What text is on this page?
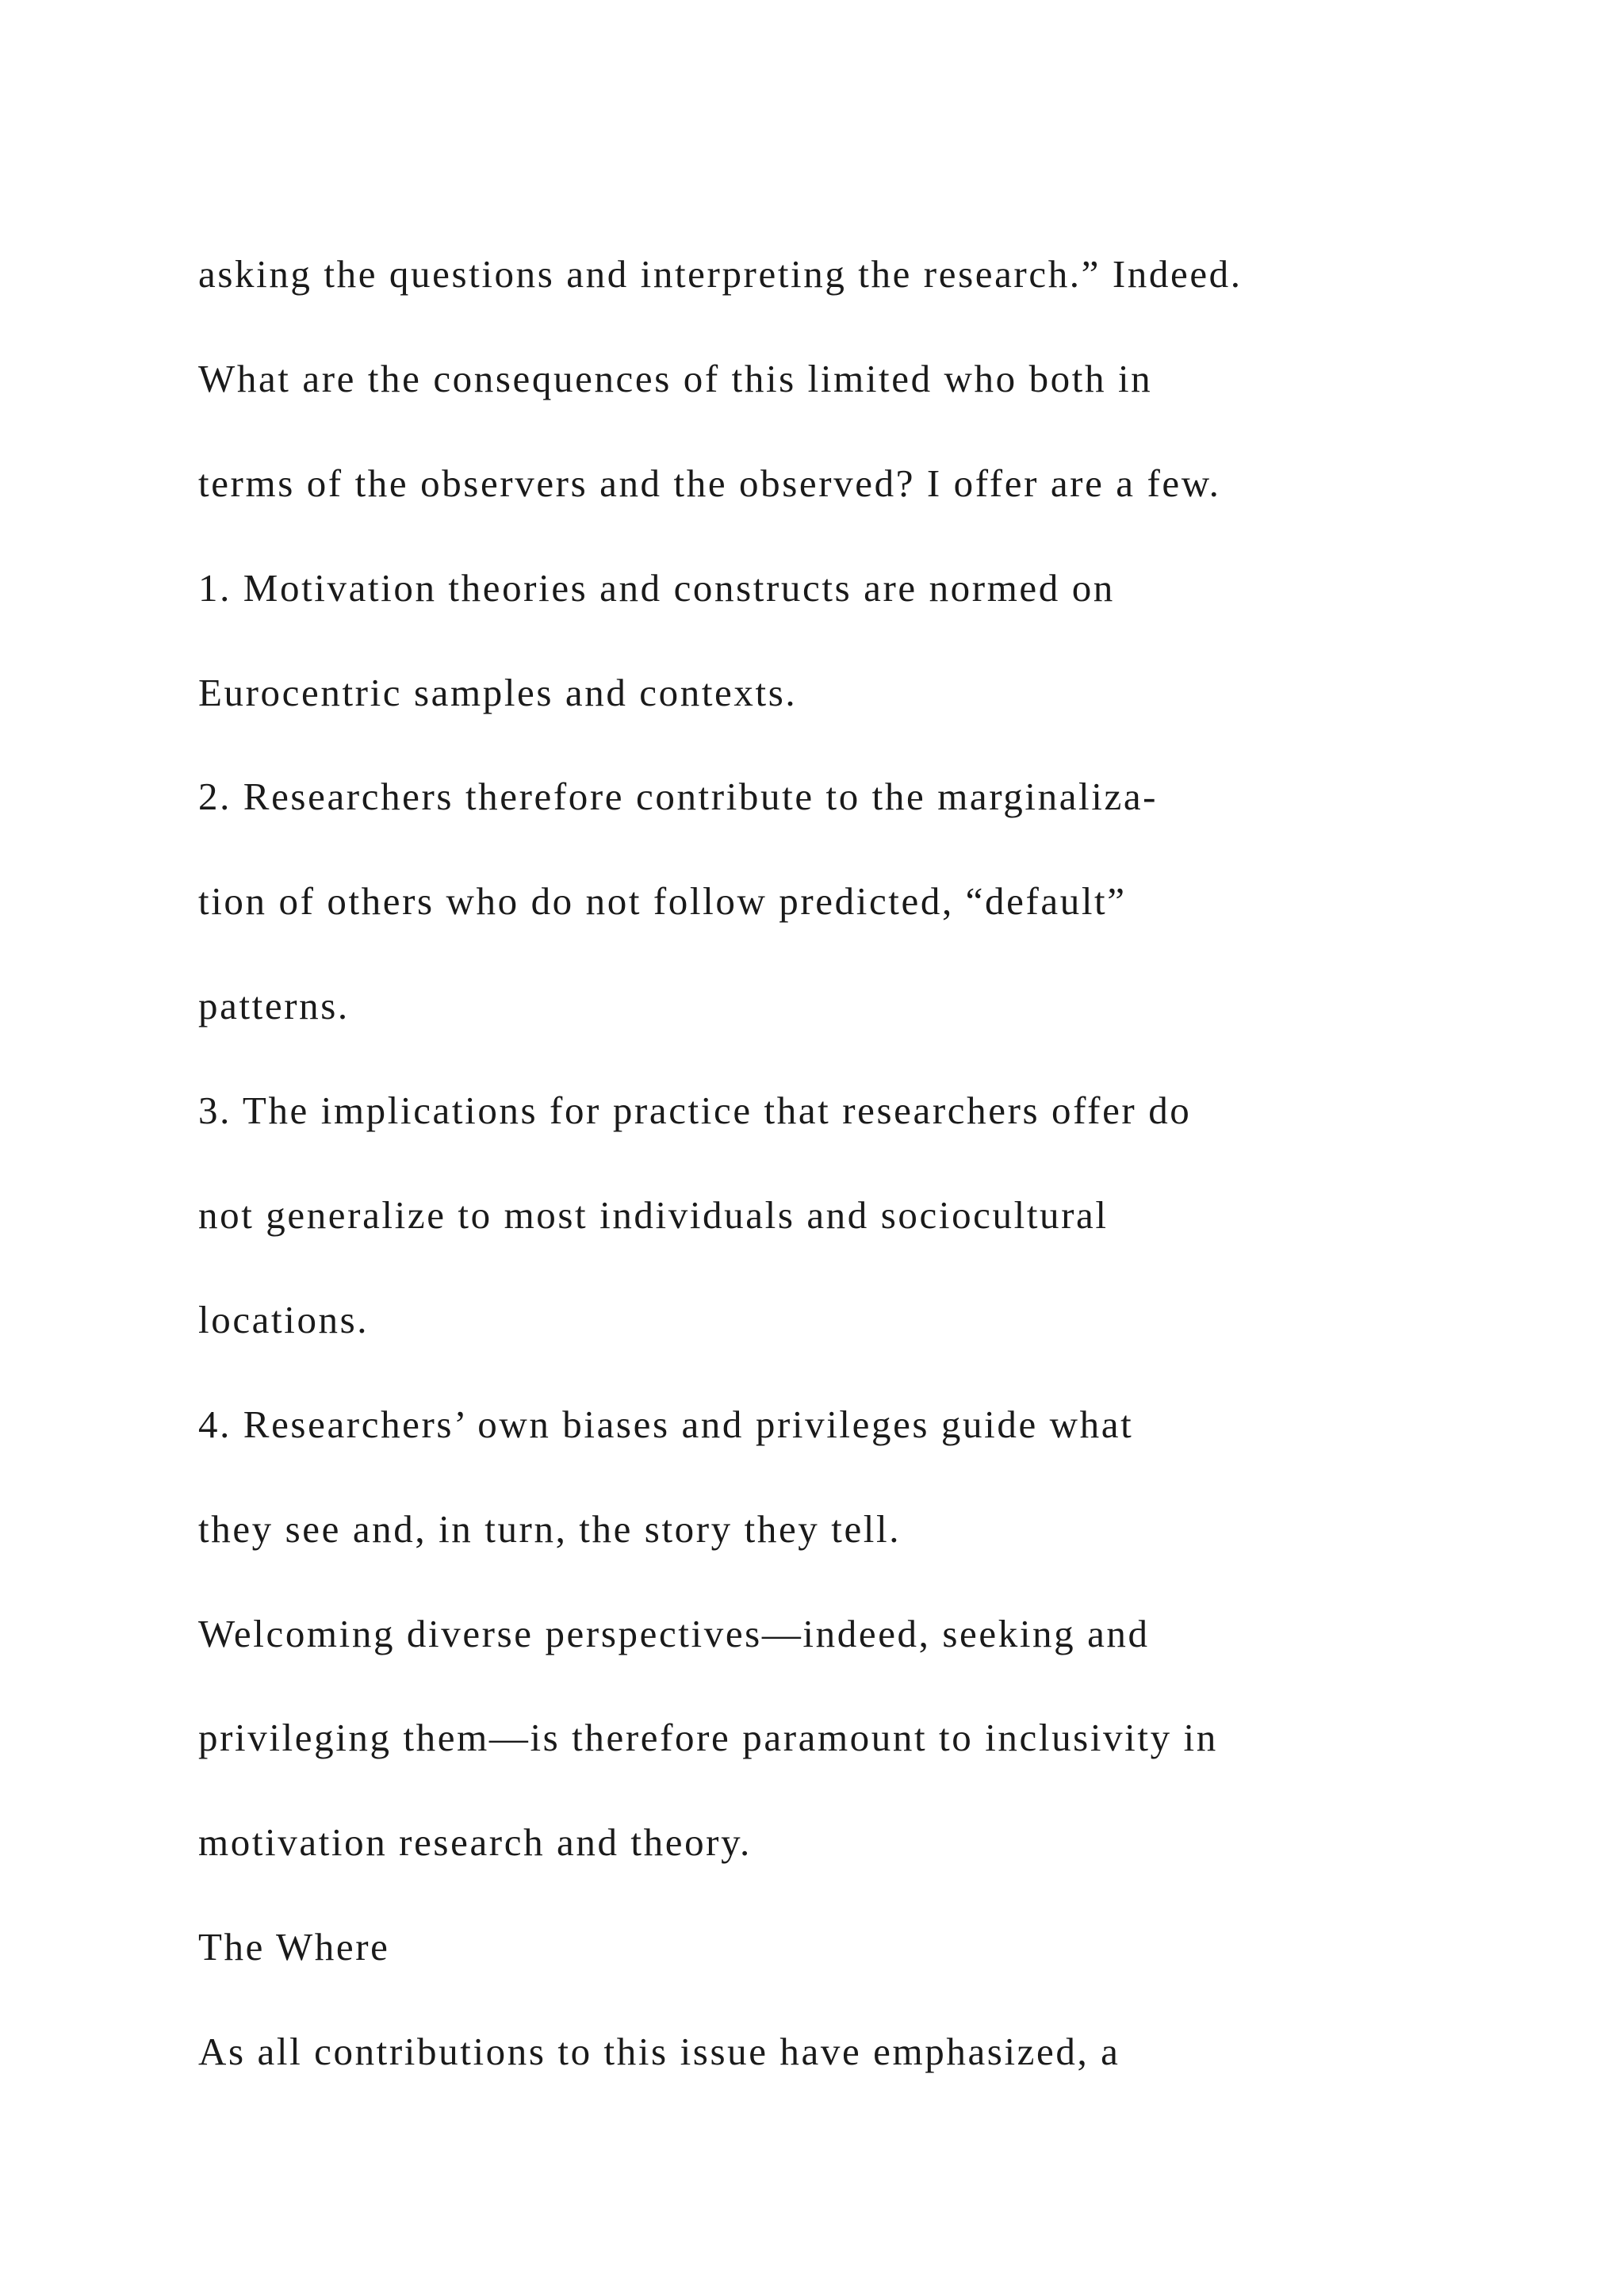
asking the questions and interpreting the research.” Indeed.
What are the consequences of this limited who both in
terms of the observers and the observed? I offer are a few.
1. Motivation theories and constructs are normed on
Eurocentric samples and contexts.
2. Researchers therefore contribute to the marginaliza-
tion of others who do not follow predicted, “default”
patterns.
3. The implications for practice that researchers offer do
not generalize to most individuals and sociocultural
locations.
4. Researchers’ own biases and privileges guide what
they see and, in turn, the story they tell.
Welcoming diverse perspectives—indeed, seeking and
privileging them—is therefore paramount to inclusivity in
motivation research and theory.
The Where
As all contributions to this issue have emphasized, a
